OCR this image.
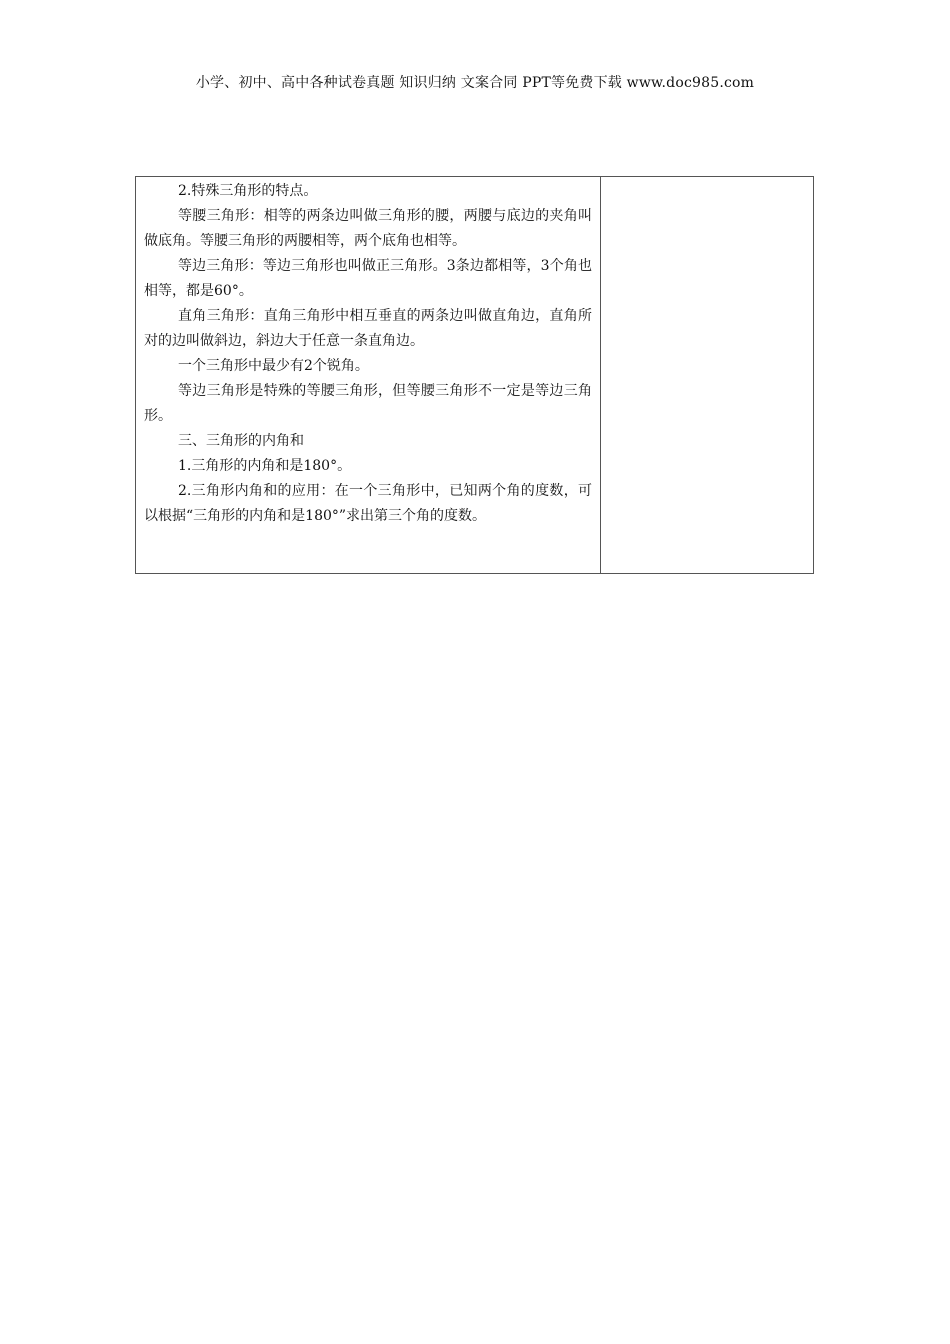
小学、初中、高中各种试卷真题 知识归纳 文案合同 PPT等免费下载 www.doc985.com

2.特殊三角形的特点。

等腰三角形：相等的两条边叫做三角形的腰，两腰与底边的夹角叫做底角。等腰三角形的两腰相等，两个底角也相等。

等边三角形：等边三角形也叫做正三角形。3条边都相等，3个角也相等，都是60°。

直角三角形：直角三角形中相互垂直的两条边叫做直角边，直角所对的边叫做斜边，斜边大于任意一条直角边。

一个三角形中最少有2个锐角。

等边三角形是特殊的等腰三角形，但等腰三角形不一定是等边三角形。

三、三角形的内角和

1.三角形的内角和是180°。

2.三角形内角和的应用：在一个三角形中，已知两个角的度数，可以根据“三角形的内角和是180°”求出第三个角的度数。
